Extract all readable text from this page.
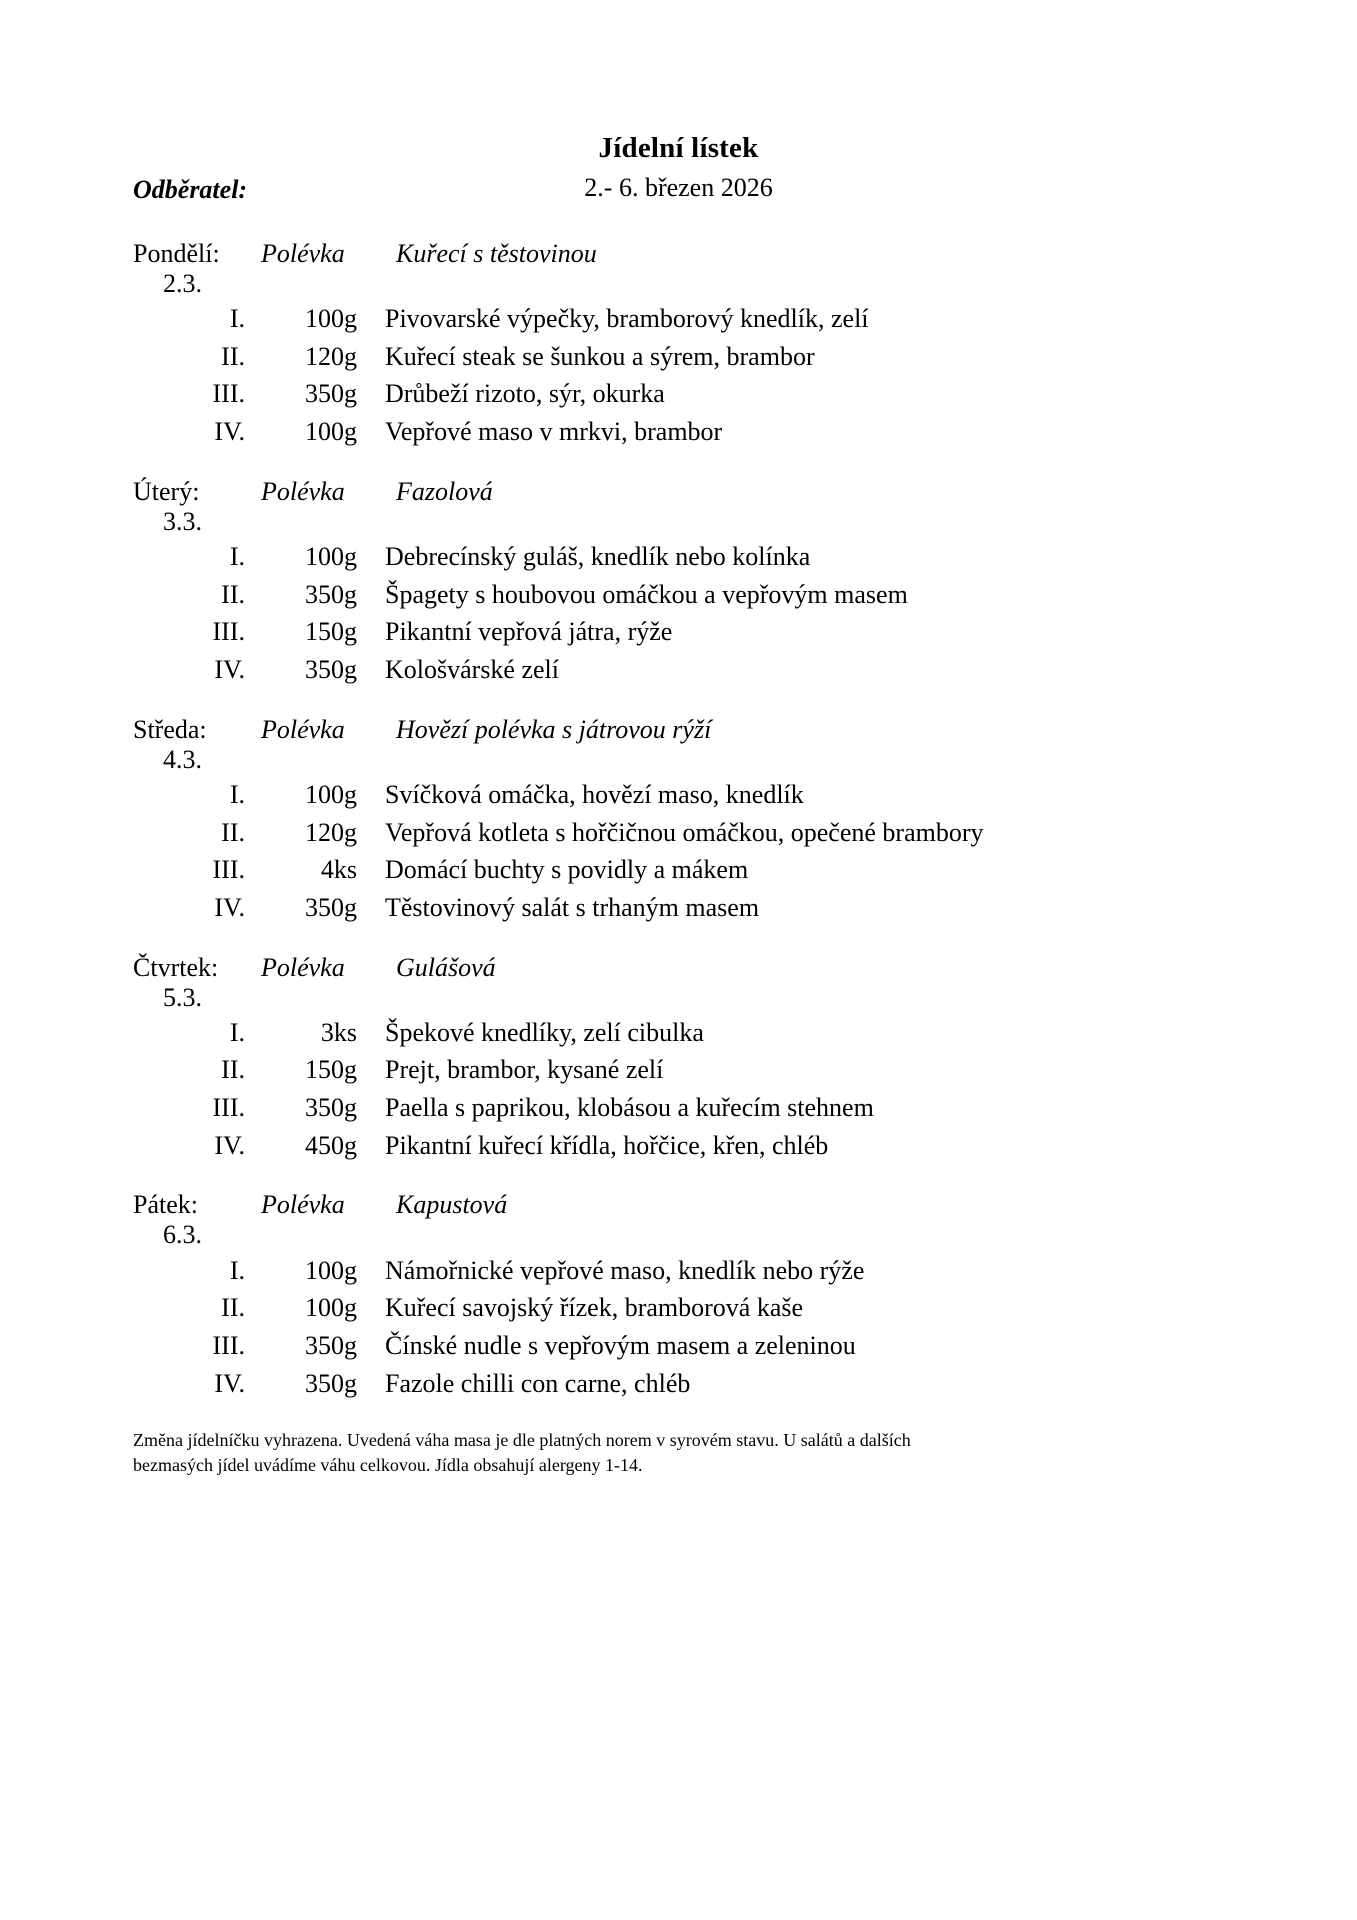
Jídelní lístek

2.- 6. březen 2026

Odběratel:

Pondělí:	Polévka	Kuřecí s těstovinou
2.3.
I.	100g	Pivovarské výpečky, bramborový knedlík, zelí
II.	120g	Kuřecí steak se šunkou a sýrem, brambor
III.	350g	Drůbeží rizoto, sýr, okurka
IV.	100g	Vepřové maso v mrkvi, brambor
Úterý:	Polévka	Fazolová
3.3.
I.	100g	Debrecínský guláš, knedlík nebo kolínka
II.	350g	Špagety s houbovou omáčkou a vepřovým masem
III.	150g	Pikantní vepřová játra, rýže
IV.	350g	Kološvárské zelí
Středa:	Polévka	Hovězí polévka s játrovou rýží
4.3.
I.	100g	Svíčková omáčka, hovězí maso, knedlík
II.	120g	Vepřová kotleta s hořčičnou omáčkou, opečené brambory
III.	4ks	Domácí buchty s povidly a mákem
IV.	350g	Těstovinový salát s trhaným masem
Čtvrtek:	Polévka	Gulášová
5.3.
I.	3ks	Špekové knedlíky, zelí cibulka
II.	150g	Prejt, brambor, kysané zelí
III.	350g	Paella s paprikou, klobásou a kuřecím stehnem
IV.	450g	Pikantní kuřecí křídla, hořčice, křen, chléb
Pátek:	Polévka	Kapustová
6.3.
I.	100g	Námořnické vepřové maso, knedlík nebo rýže
II.	100g	Kuřecí savojský řízek, bramborová kaše
III.	350g	Čínské nudle s vepřovým masem a zeleninou
IV.	350g	Fazole chilli con carne, chléb
Změna jídelníčku vyhrazena. Uvedená váha masa je dle platných norem v syrovém stavu. U salátů a dalších
bezmasých jídel uvádíme váhu celkovou. Jídla obsahují alergeny 1-14.
